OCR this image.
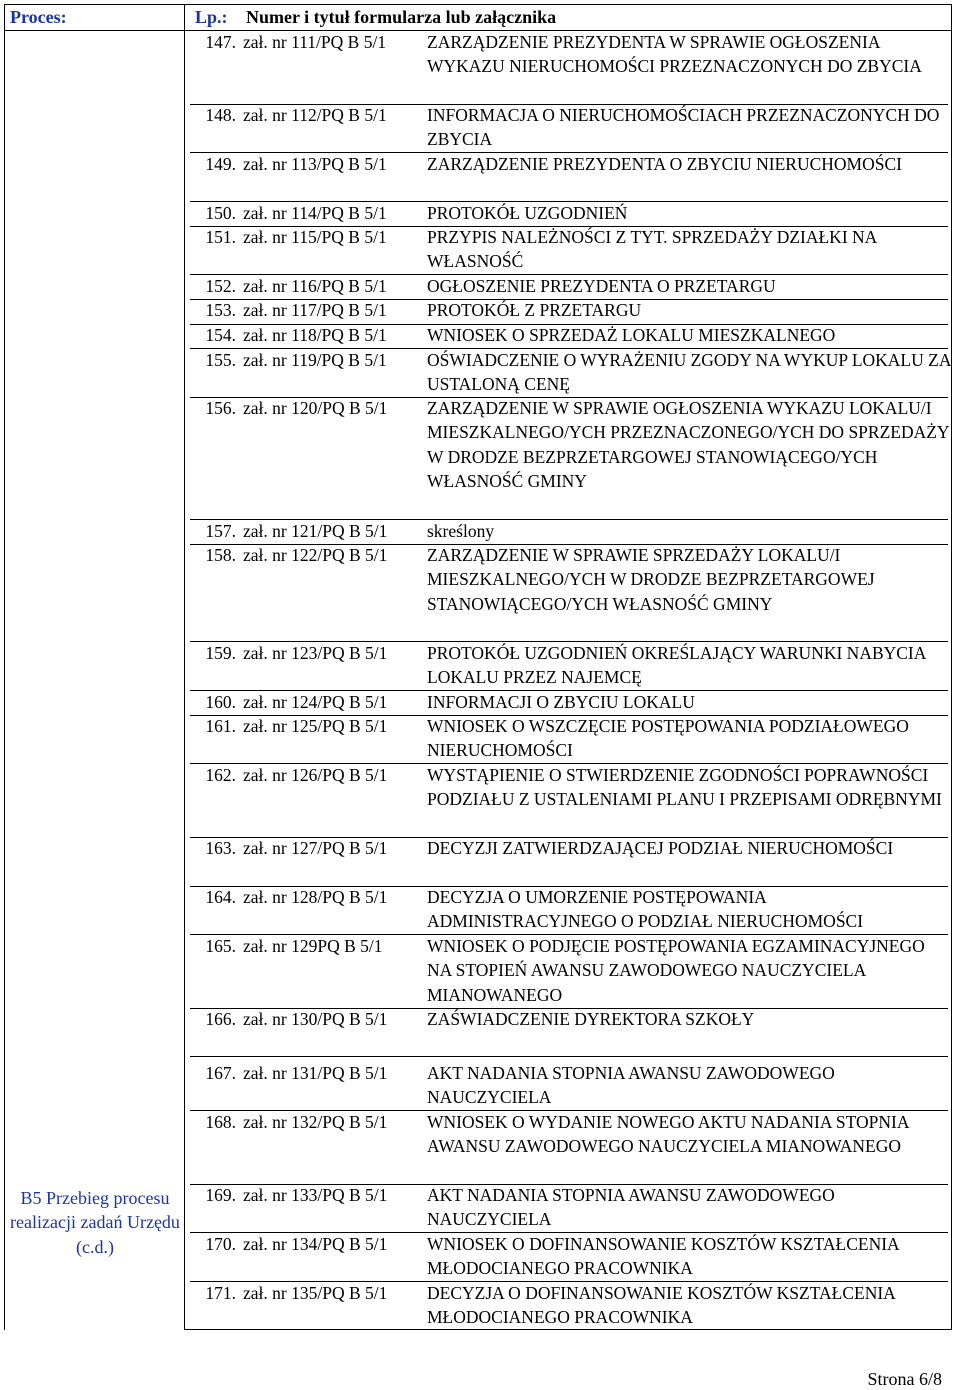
Proces:	Lp.: Numer i tytuł formularza lub załącznika
B5 Przebieg procesu realizacji zadań Urzędu (c.d.)
147. zał. nr 111/PQ B 5/1 ZARZĄDZENIE PREZYDENTA W SPRAWIE OGŁOSZENIA WYKAZU NIERUCHOMOŚCI PRZEZNACZONYCH DO ZBYCIA
148. zał. nr 112/PQ B 5/1 INFORMACJA O NIERUCHOMOŚCIACH PRZEZNACZONYCH DO ZBYCIA
149. zał. nr 113/PQ B 5/1 ZARZĄDZENIE PREZYDENTA O ZBYCIU NIERUCHOMOŚCI
150. zał. nr 114/PQ B 5/1 PROTOKÓŁ UZGODNIEŃ
151. zał. nr 115/PQ B 5/1 PRZYPIS NALEŻNOŚCI Z TYT. SPRZEDAŻY DZIAŁKI NA WŁASNOŚĆ
152. zał. nr 116/PQ B 5/1 OGŁOSZENIE PREZYDENTA O PRZETARGU
153. zał. nr 117/PQ B 5/1 PROTOKÓŁ Z PRZETARGU
154. zał. nr 118/PQ B 5/1 WNIOSEK O SPRZEDAŻ LOKALU MIESZKALNEGO
155. zał. nr 119/PQ B 5/1 OŚWIADCZENIE O WYRAŻENIU ZGODY NA WYKUP LOKALU ZA USTALONĄ CENĘ
156. zał. nr 120/PQ B 5/1 ZARZĄDZENIE W SPRAWIE OGŁOSZENIA WYKAZU LOKALU/I MIESZKALNEGO/YCH PRZEZNACZONEGO/YCH DO SPRZEDAŻY W DRODZE BEZPRZETARGOWEJ STANOWIĄCEGO/YCH WŁASNOŚĆ GMINY
157. zał. nr 121/PQ B 5/1 skreślony
158. zał. nr 122/PQ B 5/1 ZARZĄDZENIE W SPRAWIE SPRZEDAŻY LOKALU/I MIESZKALNEGO/YCH W DRODZE BEZPRZETARGOWEJ STANOWIĄCEGO/YCH WŁASNOŚĆ GMINY
159. zał. nr 123/PQ B 5/1 PROTOKÓŁ UZGODNIEŃ OKREŚLAJĄCY WARUNKI NABYCIA LOKALU PRZEZ NAJEMCĘ
160. zał. nr 124/PQ B 5/1 INFORMACJI O ZBYCIU LOKALU
161. zał. nr 125/PQ B 5/1 WNIOSEK O WSZCZĘCIE POSTĘPOWANIA PODZIAŁOWEGO NIERUCHOMOŚCI
162. zał. nr 126/PQ B 5/1 WYSTĄPIENIE O STWIERDZENIE ZGODNOŚCI POPRAWNOŚCI PODZIAŁU Z USTALENIAMI PLANU I PRZEPISAMI ODRĘBNYMI
163. zał. nr 127/PQ B 5/1 DECYZJI ZATWIERDZAJĄCEJ PODZIAŁ NIERUCHOMOŚCI
164. zał. nr 128/PQ B 5/1 DECYZJA O UMORZENIE POSTĘPOWANIA ADMINISTRACYJNEGO O PODZIAŁ NIERUCHOMOŚCI
165. zał. nr 129PQ B 5/1	WNIOSEK O PODJĘCIE POSTĘPOWANIA EGZAMINACYJNEGO NA STOPIEŃ AWANSU ZAWODOWEGO NAUCZYCIELA MIANOWANEGO
166. zał. nr 130/PQ B 5/1 ZAŚWIADCZENIE DYREKTORA SZKOŁY
167. zał. nr 131/PQ B 5/1 AKT NADANIA STOPNIA AWANSU ZAWODOWEGO NAUCZYCIELA
168. zał. nr 132/PQ B 5/1 WNIOSEK O WYDANIE NOWEGO AKTU NADANIA STOPNIA AWANSU ZAWODOWEGO NAUCZYCIELA MIANOWANEGO
169. zał. nr 133/PQ B 5/1 AKT NADANIA STOPNIA AWANSU ZAWODOWEGO NAUCZYCIELA
170. zał. nr 134/PQ B 5/1 WNIOSEK O DOFINANSOWANIE KOSZTÓW KSZTAŁCENIA MŁODOCIANEGO PRACOWNIKA
171. zał. nr 135/PQ B 5/1 DECYZJA O DOFINANSOWANIE KOSZTÓW KSZTAŁCENIA MŁODOCIANEGO PRACOWNIKA
Strona 6/8
